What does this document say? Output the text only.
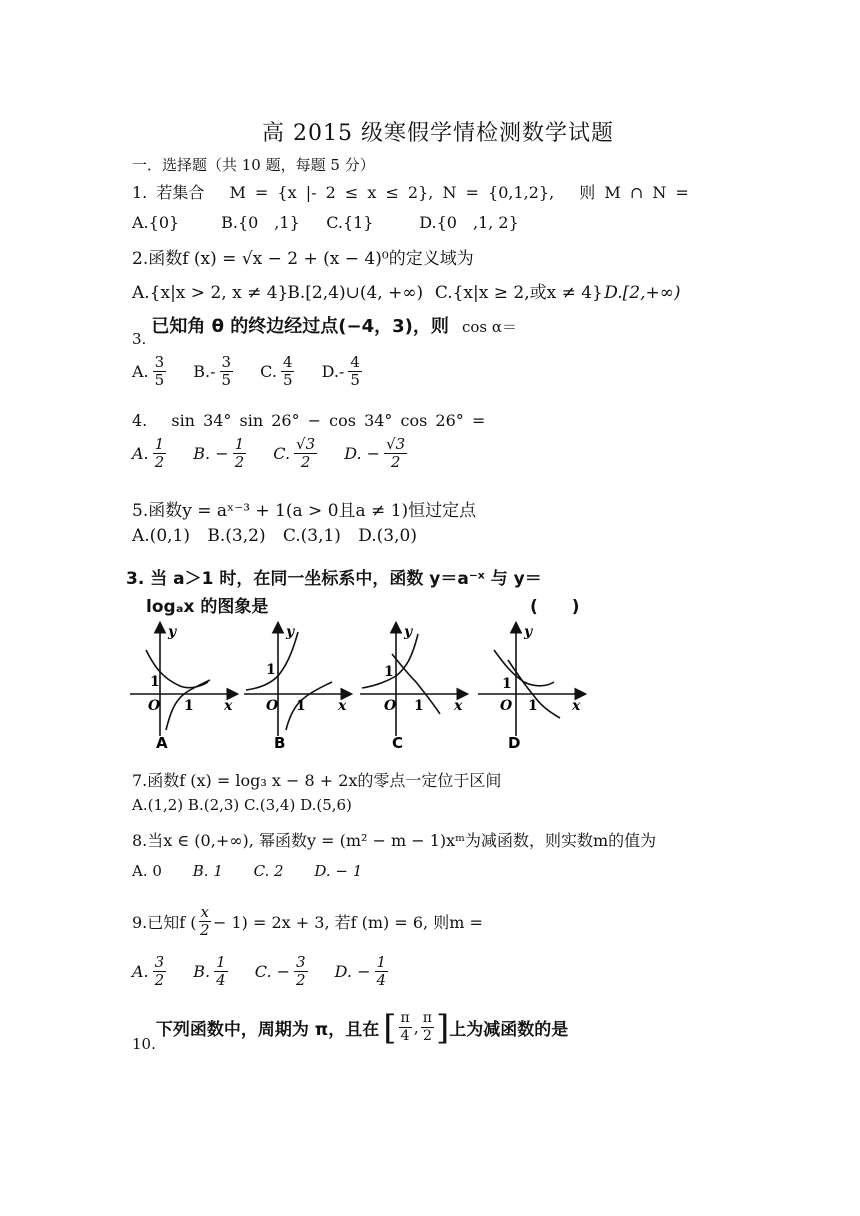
高 2015 级寒假学情检测数学试题
一．选择题（共 10 题，每题 5 分）
1. 若集合　 M = {x |- 2 ≤ x ≤ 2}, N = {0,1,2}, 　则 M ∩ N =
A.{0}	B.{0　,1} C.{1}	D.{0　,1, 2}
2.函数f (x) = √x − 2 + (x − 4)⁰的定义域为
A.{x|x > 2, x ≠ 4} B.[2,4)∪(4, +∞) C.{x|x ≥ 2,或x ≠ 4} D.[2,+∞)
3. 已知角 θ 的终边经过点(−4，3)，则 cos α＝
A. $\frac{3}{5}$
$B.- \frac{3}{5}$
C. $\frac{4}{5}$
$D.- \frac{4}{5}$
4.　 sin 34° sin 26° − cos 34° cos 26° =
A. $\frac{1}{2}$
B. − $\frac{1}{2}$
C. $\frac{√3}{2}$
D. − $\frac{√3}{2}$
5.函数y = aˣ⁻³ + 1(a > 0且a ≠ 1)恒过定点
A.(0,1) B.(3,2) C.(3,1) D.(3,0)
3. 当 a＞1 时，在同一坐标系中，函数 y＝a⁻ˣ 与 y＝
logₐx 的图象是	(　　)
y
x
O
1
1
A
y
x
O
1
1
B
y
x
O
1
1
C
y
x
O
1
1
D
7.函数f (x) = log₃ x − 8 + 2x的零点一定位于区间
A.(1,2) B.(2,3) C.(3,4) D.(5,6)
8.当x ∈ (0,+∞), 幂函数y = (m² − m − 1)xᵐ为减函数，则实数m的值为
A. 0 B. 1 C. 2 D. − 1
9.已知f ( $\frac{x}{2} - 1) = 2x + 3$, 若f (m) = 6, 则m =
A. $\frac{3}{2}$
B. $\frac{1}{4}$
C. − $\frac{3}{2}$
D. − $\frac{1}{4}$
10.
下列函数中，周期为 π，且在 [ $\frac{\pi}{4}$ , $\frac{\pi}{2}$ ] 上为减函数的是
